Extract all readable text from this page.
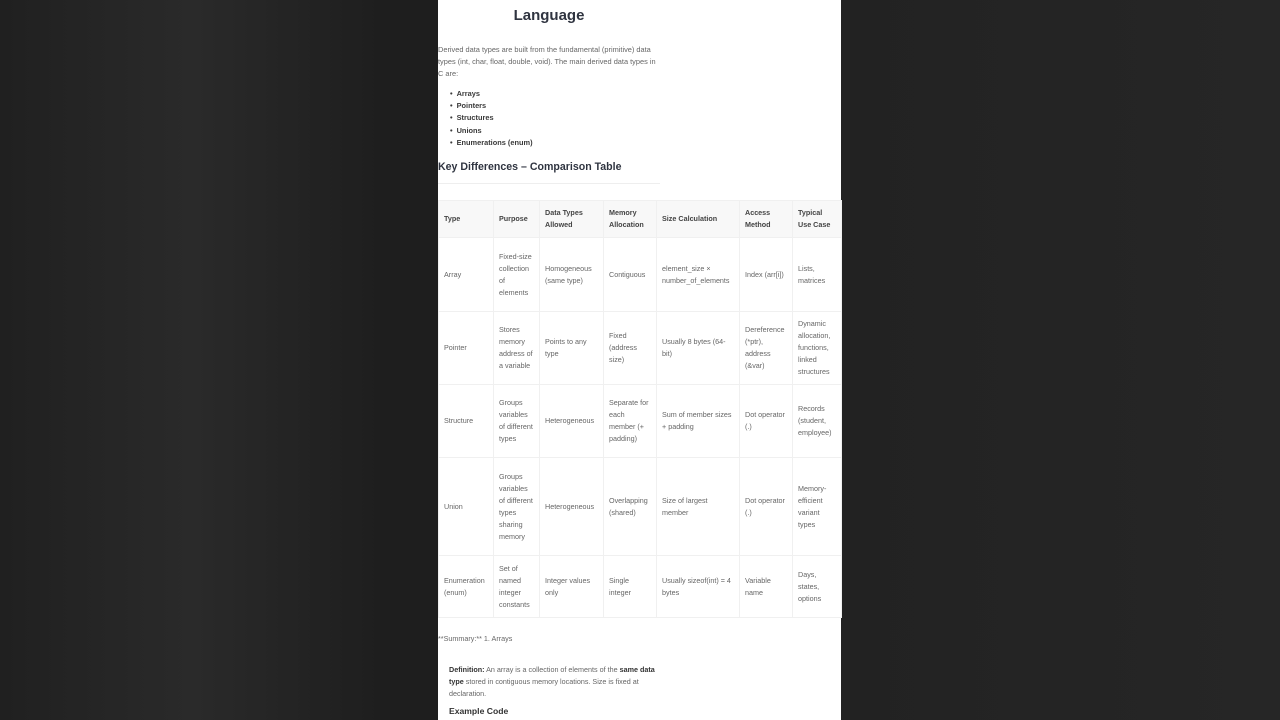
Language

Derived data types are built from the fundamental (primitive) data types (int, char, float, double, void). The main derived data types in C are:

• Arrays
• Pointers
• Structures
• Unions
• Enumerations (enum)
Key Differences – Comparison Table
Type	Purpose	Data Types Allowed	Memory Allocation	Size Calculation	Access Method	Typical Use Case
Array	Fixed-size collection of elements	Homogeneous (same type)	Contiguous	element_size × number_of_elements	Index (arr[i])	Lists, matrices
Pointer	Stores memory address of a variable	Points to any type	Fixed (address size)	Usually 8 bytes (64-bit)	Dereference (*ptr), address (&var)	Dynamic allocation, functions, linked structures
Structure	Groups variables of different types	Heterogeneous	Separate for each member (+ padding)	Sum of member sizes + padding	Dot operator (.)	Records (student, employee)
Union	Groups variables of different types sharing memory	Heterogeneous	Overlapping (shared)	Size of largest member	Dot operator (.)	Memory-efficient variant types
Enumeration (enum)	Set of named integer constants	Integer values only	Single integer	Usually sizeof(int) = 4 bytes	Variable name	Days, states, options
**Summary:** 1. Arrays

Definition: An array is a collection of elements of the same data type stored in contiguous memory locations. Size is fixed at declaration.

Example Code
